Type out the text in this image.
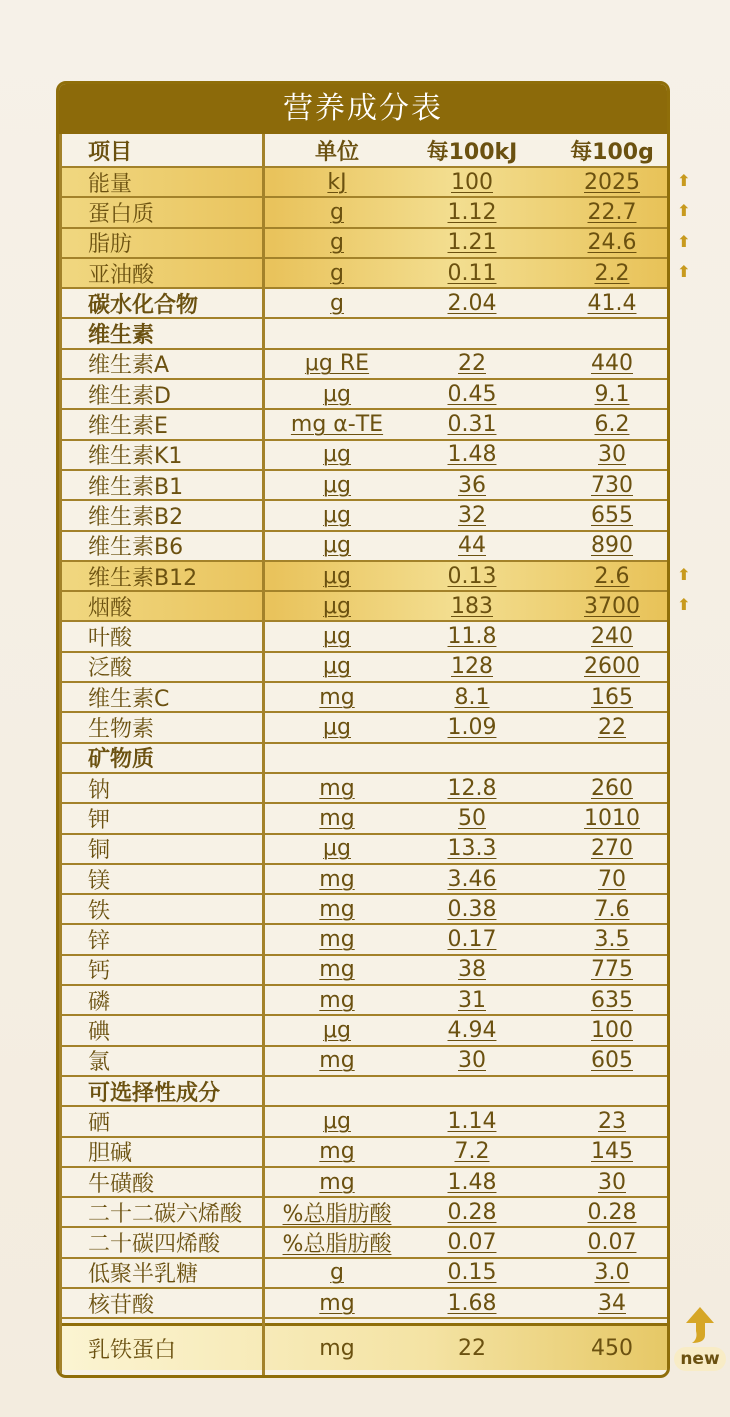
营养成分表
项目	单位	每100kJ	每100g
能量	kJ	100	2025
蛋白质	g	1.12	22.7
脂肪	g	1.21	24.6
亚油酸	g	0.11	2.2
碳水化合物	g	2.04	41.4
维生素
维生素A	μg RE	22	440
维生素D	μg	0.45	9.1
维生素E	mg α-TE	0.31	6.2
维生素K1	μg	1.48	30
维生素B1	μg	36	730
维生素B2	μg	32	655
维生素B6	μg	44	890
维生素B12	μg	0.13	2.6
烟酸	μg	183	3700
叶酸	μg	11.8	240
泛酸	μg	128	2600
维生素C	mg	8.1	165
生物素	μg	1.09	22
矿物质
钠	mg	12.8	260
钾	mg	50	1010
铜	μg	13.3	270
镁	mg	3.46	70
铁	mg	0.38	7.6
锌	mg	0.17	3.5
钙	mg	38	775
磷	mg	31	635
碘	μg	4.94	100
氯	mg	30	605
可选择性成分
硒	μg	1.14	23
胆碱	mg	7.2	145
牛磺酸	mg	1.48	30
二十二碳六烯酸	%总脂肪酸	0.28	0.28
二十碳四烯酸	%总脂肪酸	0.07	0.07
低聚半乳糖	g	0.15	3.0
核苷酸	mg	1.68	34
乳铁蛋白	mg	22	450	new
⬆
⬆
⬆
⬆
⬆
⬆
